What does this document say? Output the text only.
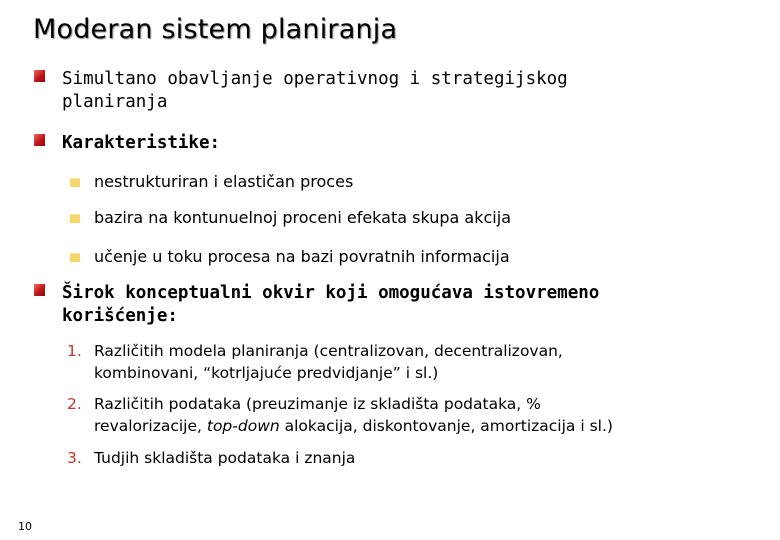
Moderan sistem planiranja
Simultano obavljanje operativnog i strategijskog
planiranja
Karakteristike:
nestrukturiran i elastičan proces
bazira na kontunuelnoj proceni efekata skupa akcija
učenje u toku procesa na bazi povratnih informacija
Širok konceptualni okvir koji omogućava istovremeno
korišćenje:
1. Različitih modela planiranja (centralizovan, decentralizovan,
kombinovani, “kotrljajuće predvidjanje” i sl.)
2. Različitih podataka (preuzimanje iz skladišta podataka, %
revalorizacije, top-down alokacija, diskontovanje, amortizacija i sl.)
3. Tudjih skladišta podataka i znanja
10
